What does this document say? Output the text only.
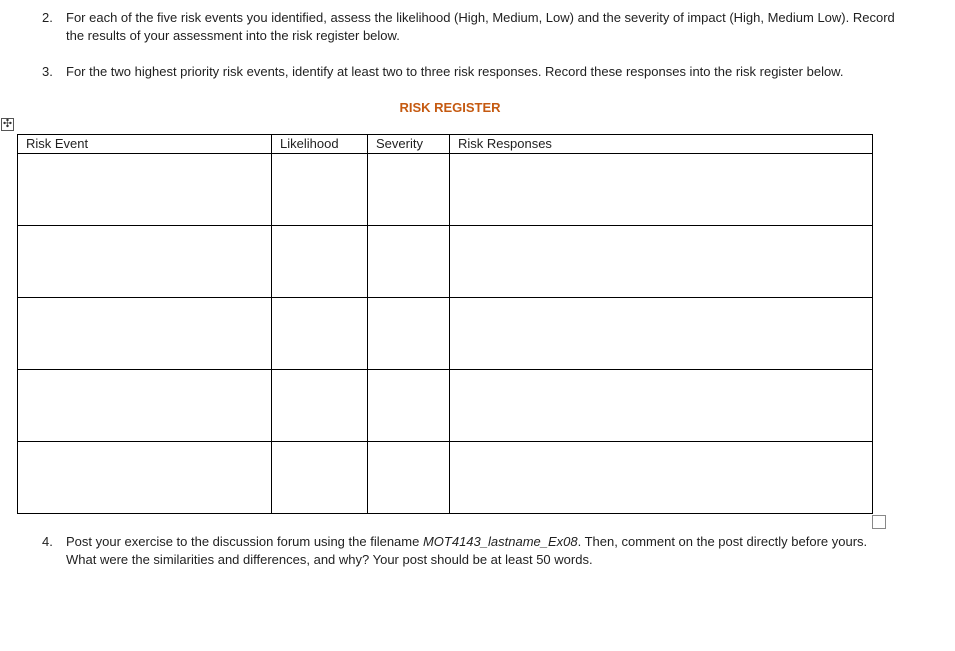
2. For each of the five risk events you identified, assess the likelihood (High, Medium, Low) and the severity of impact (High, Medium Low). Record the results of your assessment into the risk register below.
3. For the two highest priority risk events, identify at least two to three risk responses. Record these responses into the risk register below.
RISK REGISTER
✣
Risk Event	Likelihood	Severity	Risk Responses

4. Post your exercise to the discussion forum using the filename MOT4143_lastname_Ex08. Then, comment on the post directly before yours. What were the similarities and differences, and why? Your post should be at least 50 words.
